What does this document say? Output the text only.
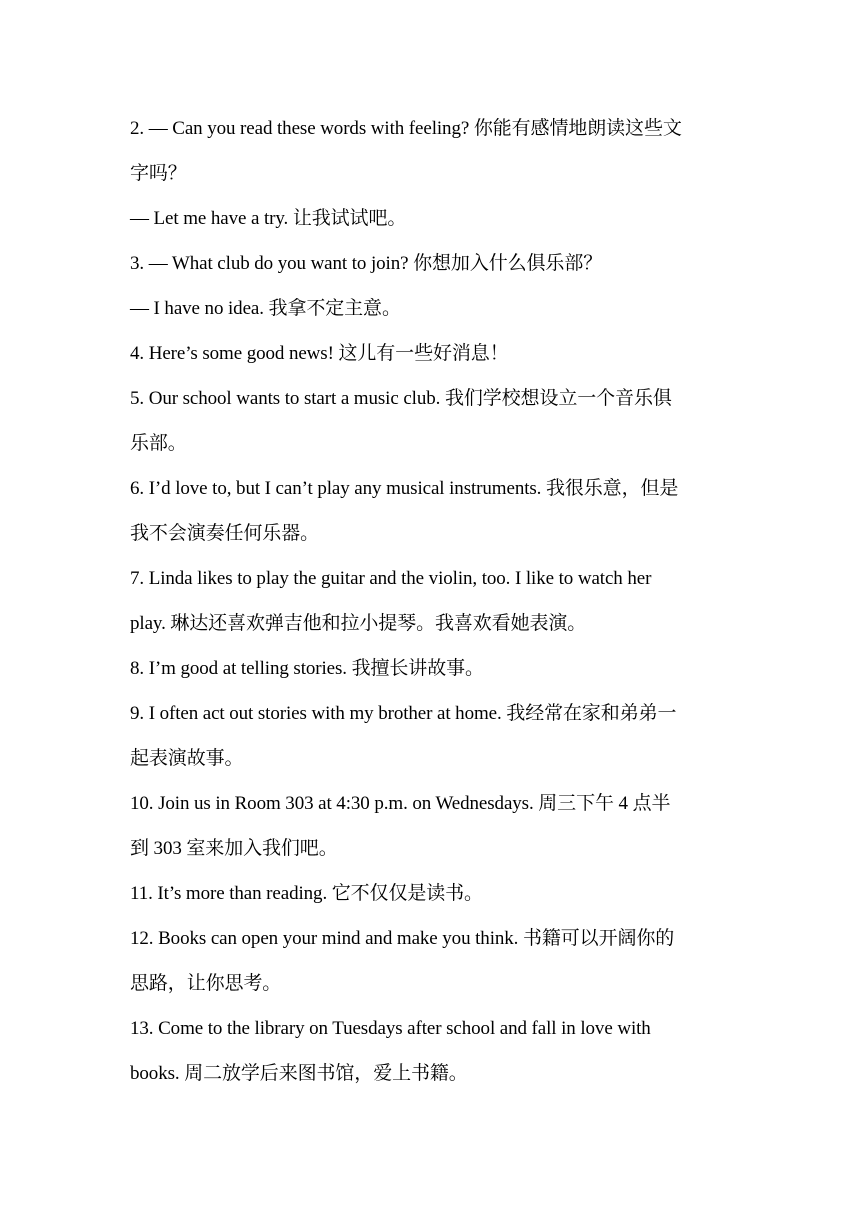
2. — Can you read these words with feeling? 你能有感情地朗读这些文
字吗？
— Let me have a try. 让我试试吧。
3. — What club do you want to join? 你想加入什么俱乐部？
— I have no idea. 我拿不定主意。
4. Here’s some good news! 这儿有一些好消息！
5. Our school wants to start a music club. 我们学校想设立一个音乐俱
乐部。
6. I’d love to, but I can’t play any musical instruments. 我很乐意，但是
我不会演奏任何乐器。
7. Linda likes to play the guitar and the violin, too. I like to watch her
play. 琳达还喜欢弹吉他和拉小提琴。我喜欢看她表演。
8. I’m good at telling stories. 我擅长讲故事。
9. I often act out stories with my brother at home. 我经常在家和弟弟一
起表演故事。
10. Join us in Room 303 at 4:30 p.m. on Wednesdays. 周三下午 4 点半
到 303 室来加入我们吧。
11. It’s more than reading. 它不仅仅是读书。
12. Books can open your mind and make you think. 书籍可以开阔你的
思路，让你思考。
13. Come to the library on Tuesdays after school and fall in love with
books. 周二放学后来图书馆，爱上书籍。
